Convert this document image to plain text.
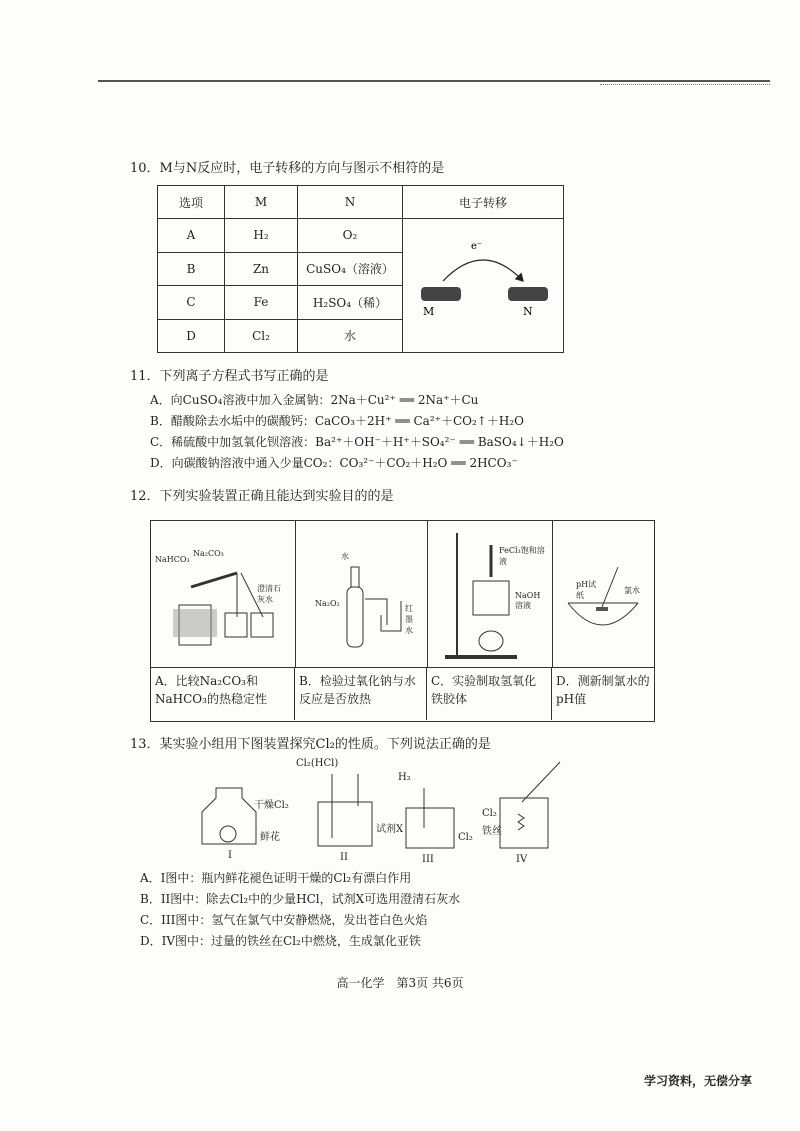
10．M与N反应时，电子转移的方向与图示不相符的是
选项	M	N	电子转移
A	H₂	O₂	e⁻
M N

B	Zn	CuSO₄（溶液）	
C	Fe	H₂SO₄（稀）	
D	Cl₂	水	
11．下列离子方程式书写正确的是
A．向CuSO₄溶液中加入金属钠：2Na＋Cu²⁺ ══ 2Na⁺＋Cu
B．醋酸除去水垢中的碳酸钙：CaCO₃＋2H⁺ ══ Ca²⁺＋CO₂↑＋H₂O
C．稀硫酸中加氢氧化钡溶液：Ba²⁺＋OH⁻＋H⁺＋SO₄²⁻ ══ BaSO₄↓＋H₂O
D．向碳酸钠溶液中通入少量CO₂：CO₃²⁻＋CO₂＋H₂O ══ 2HCO₃⁻
12．下列实验装置正确且能达到实验目的的是
NaHCO₃
Na₂CO₃
澄清石灰水
水
Na₂O₂
红墨水
FeCl₃饱和溶液
NaOH溶液
pH试纸
氯水
A．比较Na₂CO₃和NaHCO₃的热稳定性
B．检验过氧化钠与水反应是否放热
C．实验制取氢氧化铁胶体
D．测新制氯水的pH值
13．某实验小组用下图装置探究Cl₂的性质。下列说法正确的是
干燥Cl₂
鲜花
I
Cl₂(HCl)
试剂X
II
H₂
Cl₂
III
Cl₂
铁丝
IV
A．I图中：瓶内鲜花褪色证明干燥的Cl₂有漂白作用
B．II图中：除去Cl₂中的少量HCl，试剂X可选用澄清石灰水
C．III图中：氢气在氯气中安静燃烧，发出苍白色火焰
D．IV图中：过量的铁丝在Cl₂中燃烧，生成氯化亚铁
高一化学　第3页 共6页
学习资料，无偿分享
